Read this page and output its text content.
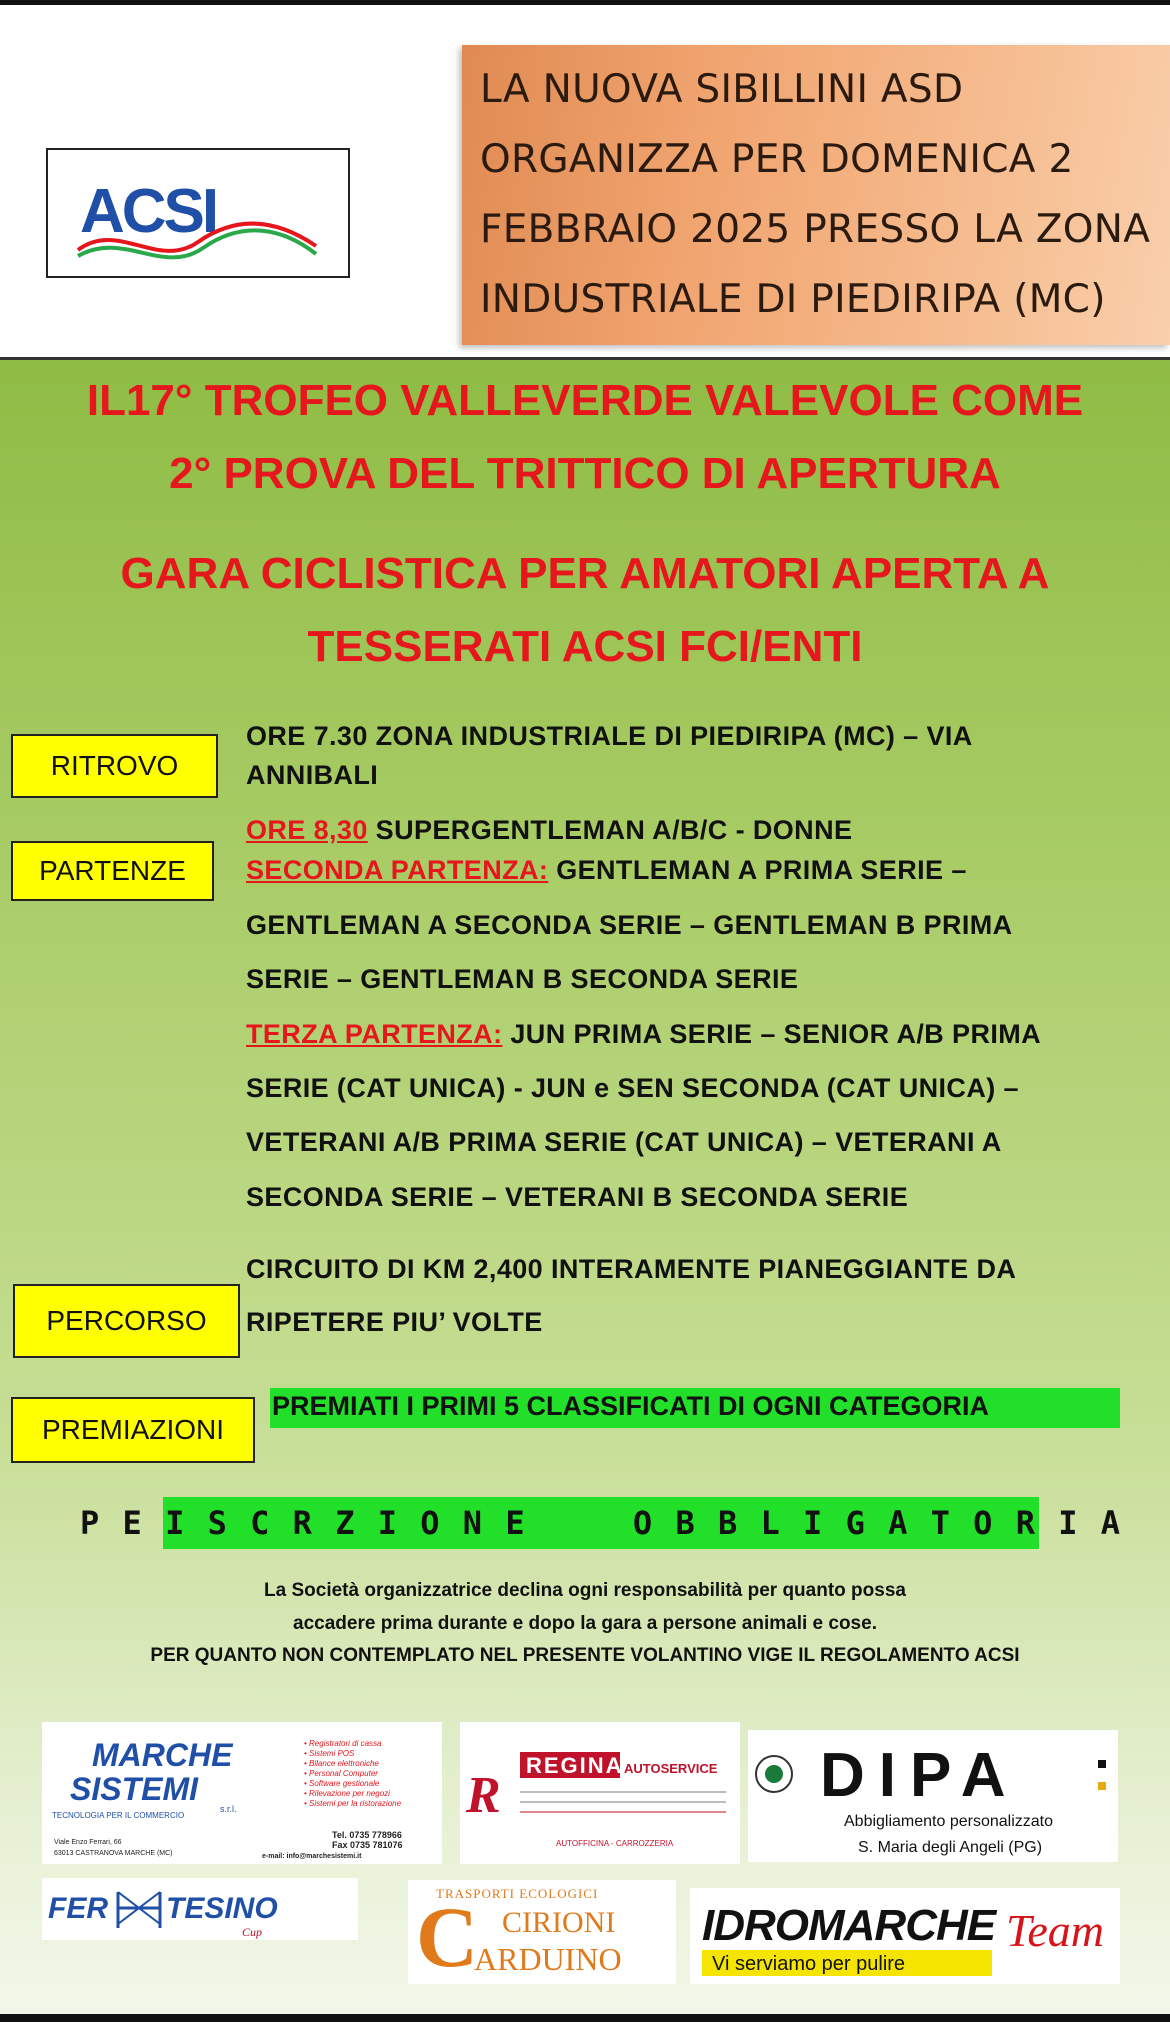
ACSI
LA NUOVA SIBILLINI ASD
ORGANIZZA PER DOMENICA 2
FEBBRAIO 2025 PRESSO LA ZONA
INDUSTRIALE DI PIEDIRIPA (MC)
IL17° TROFEO VALLEVERDE VALEVOLE COME
2° PROVA DEL TRITTICO DI APERTURA
GARA CICLISTICA PER AMATORI APERTA A
TESSERATI ACSI FCI/ENTI
RITROVO
ORE 7.30 ZONA INDUSTRIALE DI PIEDIRIPA (MC) – VIA
ANNIBALI
PARTENZE
ORE 8,30 SUPERGENTLEMAN A/B/C - DONNE
SECONDA PARTENZA: GENTLEMAN A PRIMA SERIE –
GENTLEMAN A SECONDA SERIE – GENTLEMAN B PRIMA
SERIE – GENTLEMAN B SECONDA SERIE
TERZA PARTENZA: JUN PRIMA SERIE – SENIOR A/B PRIMA
SERIE (CAT UNICA) - JUN e SEN SECONDA (CAT UNICA) –
VETERANI A/B PRIMA SERIE (CAT UNICA) – VETERANI A
SECONDA SERIE – VETERANI B SECONDA SERIE
PERCORSO
CIRCUITO DI KM 2,400 INTERAMENTE PIANEGGIANTE DA
RIPETERE PIU’ VOLTE
PREMIAZIONI
PREMIATI I PRIMI 5 CLASSIFICATI DI OGNI CATEGORIA
P E I S C R Z I O N E     O B B L I G A T O R I A
La Società organizzatrice declina ogni responsabilità per quanto possa
accadere prima durante e dopo la gara a persone animali e cose.
PER QUANTO NON CONTEMPLATO NEL PRESENTE VOLANTINO VIGE IL REGOLAMENTO ACSI
MARCHE
SISTEMI
s.r.l.
TECNOLOGIA PER IL COMMERCIO
• Registratori di cassa
• Sistemi POS
• Bilance elettroniche
• Personal Computer
• Software gestionale
• Rilevazione per negozi
• Sistemi per la ristorazione
Tel. 0735 778966
Fax 0735 781076
Viale Enzo Ferrari, 66
63013 CASTRANOVA MARCHE (MC)	e-mail: info@marchesistemi.it
R
REGINA AUTOSERVICE
AUTOFFICINA - CARROZZERIA
DIPA
Abbigliamento personalizzato
S. Maria degli Angeli (PG)
FER TESINO
Cup
TRASPORTI ECOLOGICI
C CIRIONI
ARDUINO
IDROMARCHE Team
Vi serviamo per pulire
